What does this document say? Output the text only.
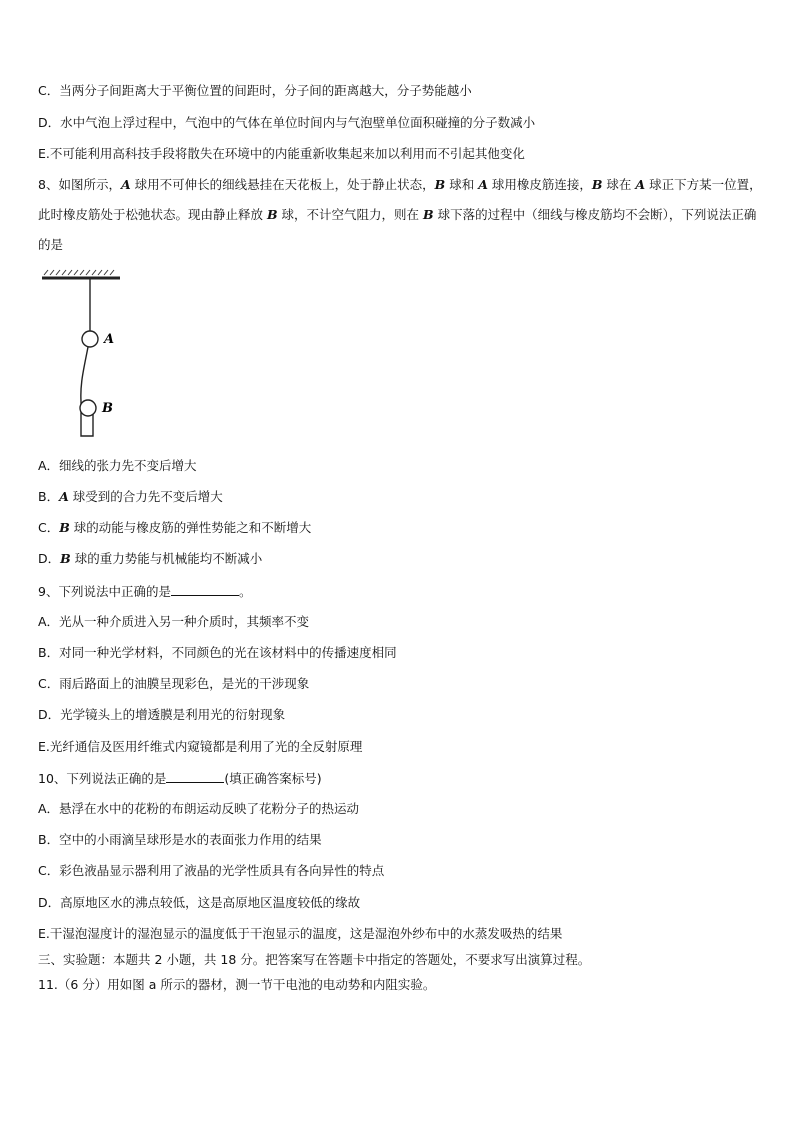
C．当两分子间距离大于平衡位置的间距时，分子间的距离越大，分子势能越小
D．水中气泡上浮过程中，气泡中的气体在单位时间内与气泡壁单位面积碰撞的分子数减小
E.不可能利用高科技手段将散失在环境中的内能重新收集起来加以利用而不引起其他变化
8、如图所示，A 球用不可伸长的细线悬挂在天花板上，处于静止状态，B 球和 A 球用橡皮筋连接，B 球在 A 球正下方某一位置，此时橡皮筋处于松弛状态。现由静止释放 B 球，不计空气阻力，则在 B 球下落的过程中（细线与橡皮筋均不会断），下列说法正确的是
A
B
A．细线的张力先不变后增大
B．A 球受到的合力先不变后增大
C．B 球的动能与橡皮筋的弹性势能之和不断增大
D．B 球的重力势能与机械能均不断减小
9、下列说法中正确的是	。
A．光从一种介质进入另一种介质时，其频率不变
B．对同一种光学材料，不同颜色的光在该材料中的传播速度相同
C．雨后路面上的油膜呈现彩色，是光的干涉现象
D．光学镜头上的增透膜是利用光的衍射现象
E.光纤通信及医用纤维式内窥镜都是利用了光的全反射原理
10、下列说法正确的是	(填正确答案标号)
A．悬浮在水中的花粉的布朗运动反映了花粉分子的热运动
B．空中的小雨滴呈球形是水的表面张力作用的结果
C．彩色液晶显示器利用了液晶的光学性质具有各向异性的特点
D．高原地区水的沸点较低，这是高原地区温度较低的缘故
E.干湿泡湿度计的湿泡显示的温度低于干泡显示的温度，这是湿泡外纱布中的水蒸发吸热的结果
三、实验题：本题共 2 小题，共 18 分。把答案写在答题卡中指定的答题处，不要求写出演算过程。
11.（6 分）用如图 a 所示的器材，测一节干电池的电动势和内阻实验。
